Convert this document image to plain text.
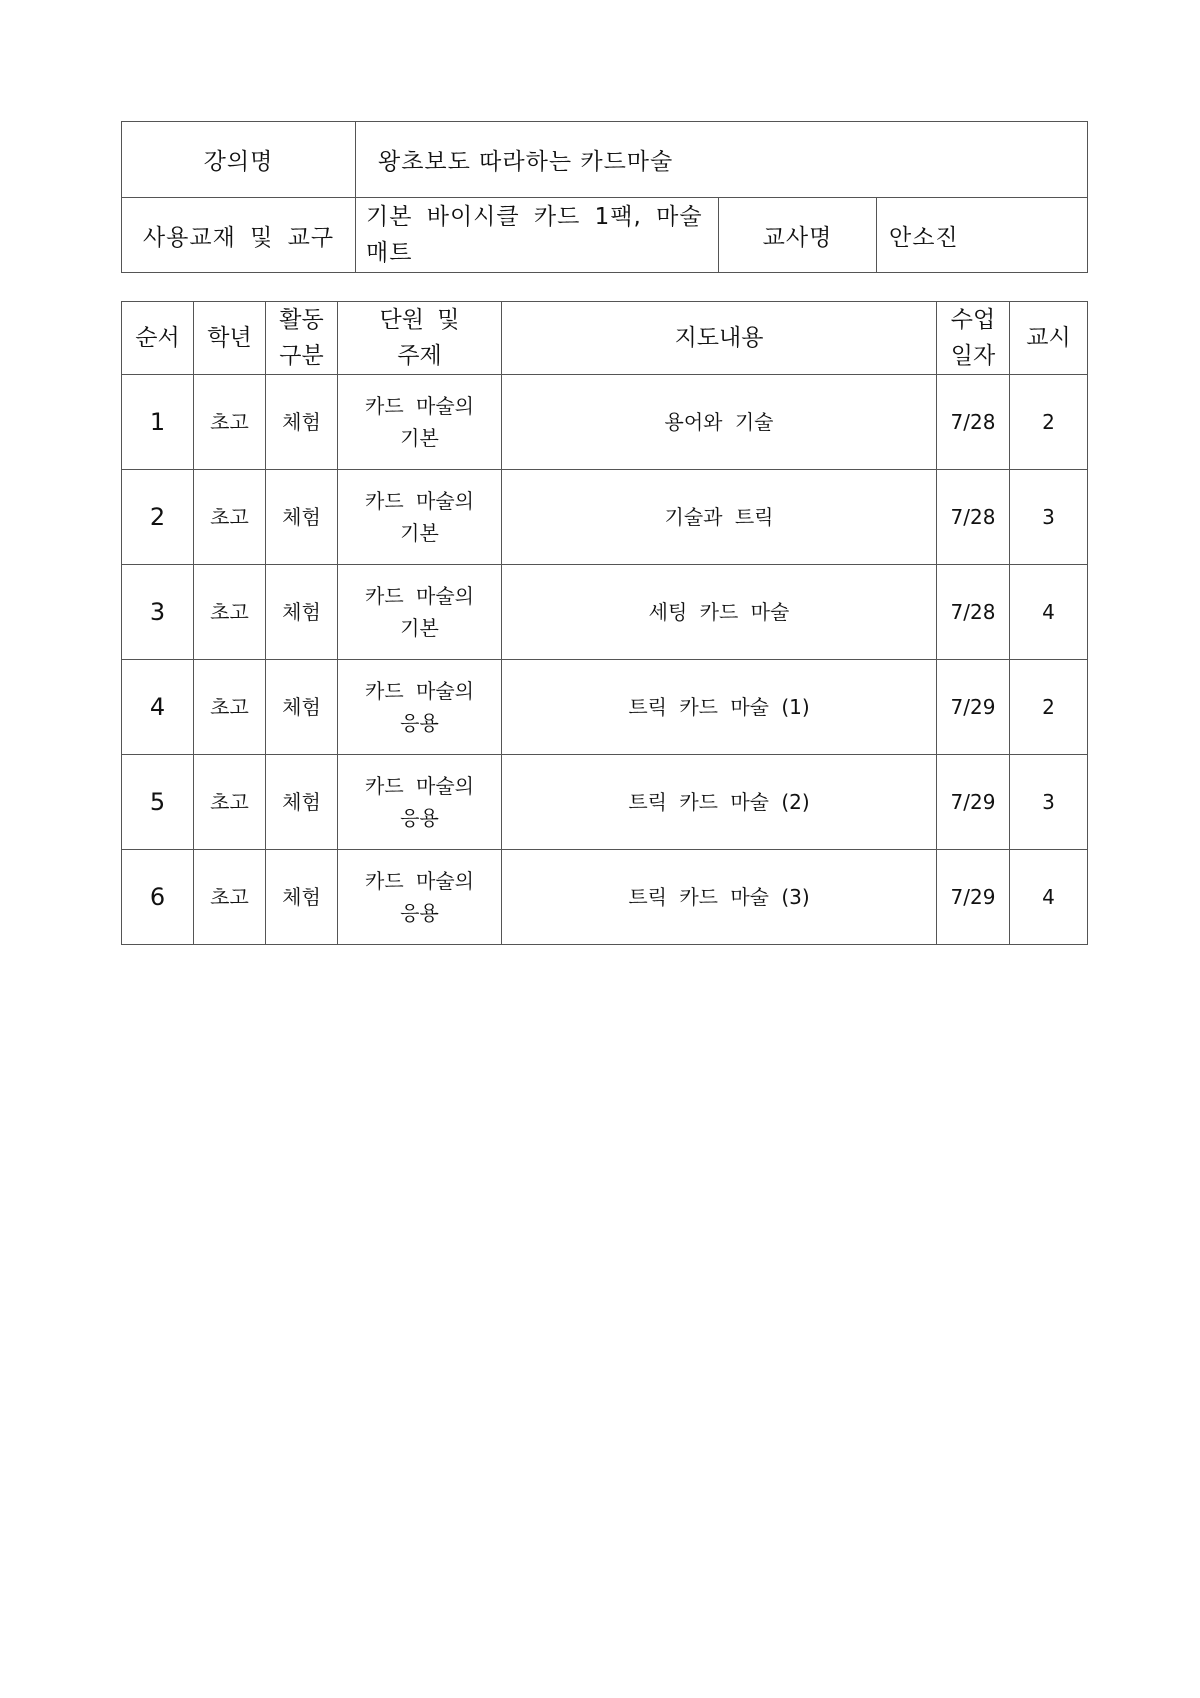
강의명	왕초보도 따라하는 카드마술		
사용교재 및 교구	기본 바이시클 카드 1팩, 마술 매트	교사명	안소진
순서	학년	활동 구분	단원 및 주제	지도내용	수업 일자	교시
1	초고	체험	카드 마술의 기본	용어와 기술	7/28	2
2	초고	체험	카드 마술의 기본	기술과 트릭	7/28	3
3	초고	체험	카드 마술의 기본	세팅 카드 마술	7/28	4
4	초고	체험	카드 마술의 응용	트릭 카드 마술 (1)	7/29	2
5	초고	체험	카드 마술의 응용	트릭 카드 마술 (2)	7/29	3
6	초고	체험	카드 마술의 응용	트릭 카드 마술 (3)	7/29	4
